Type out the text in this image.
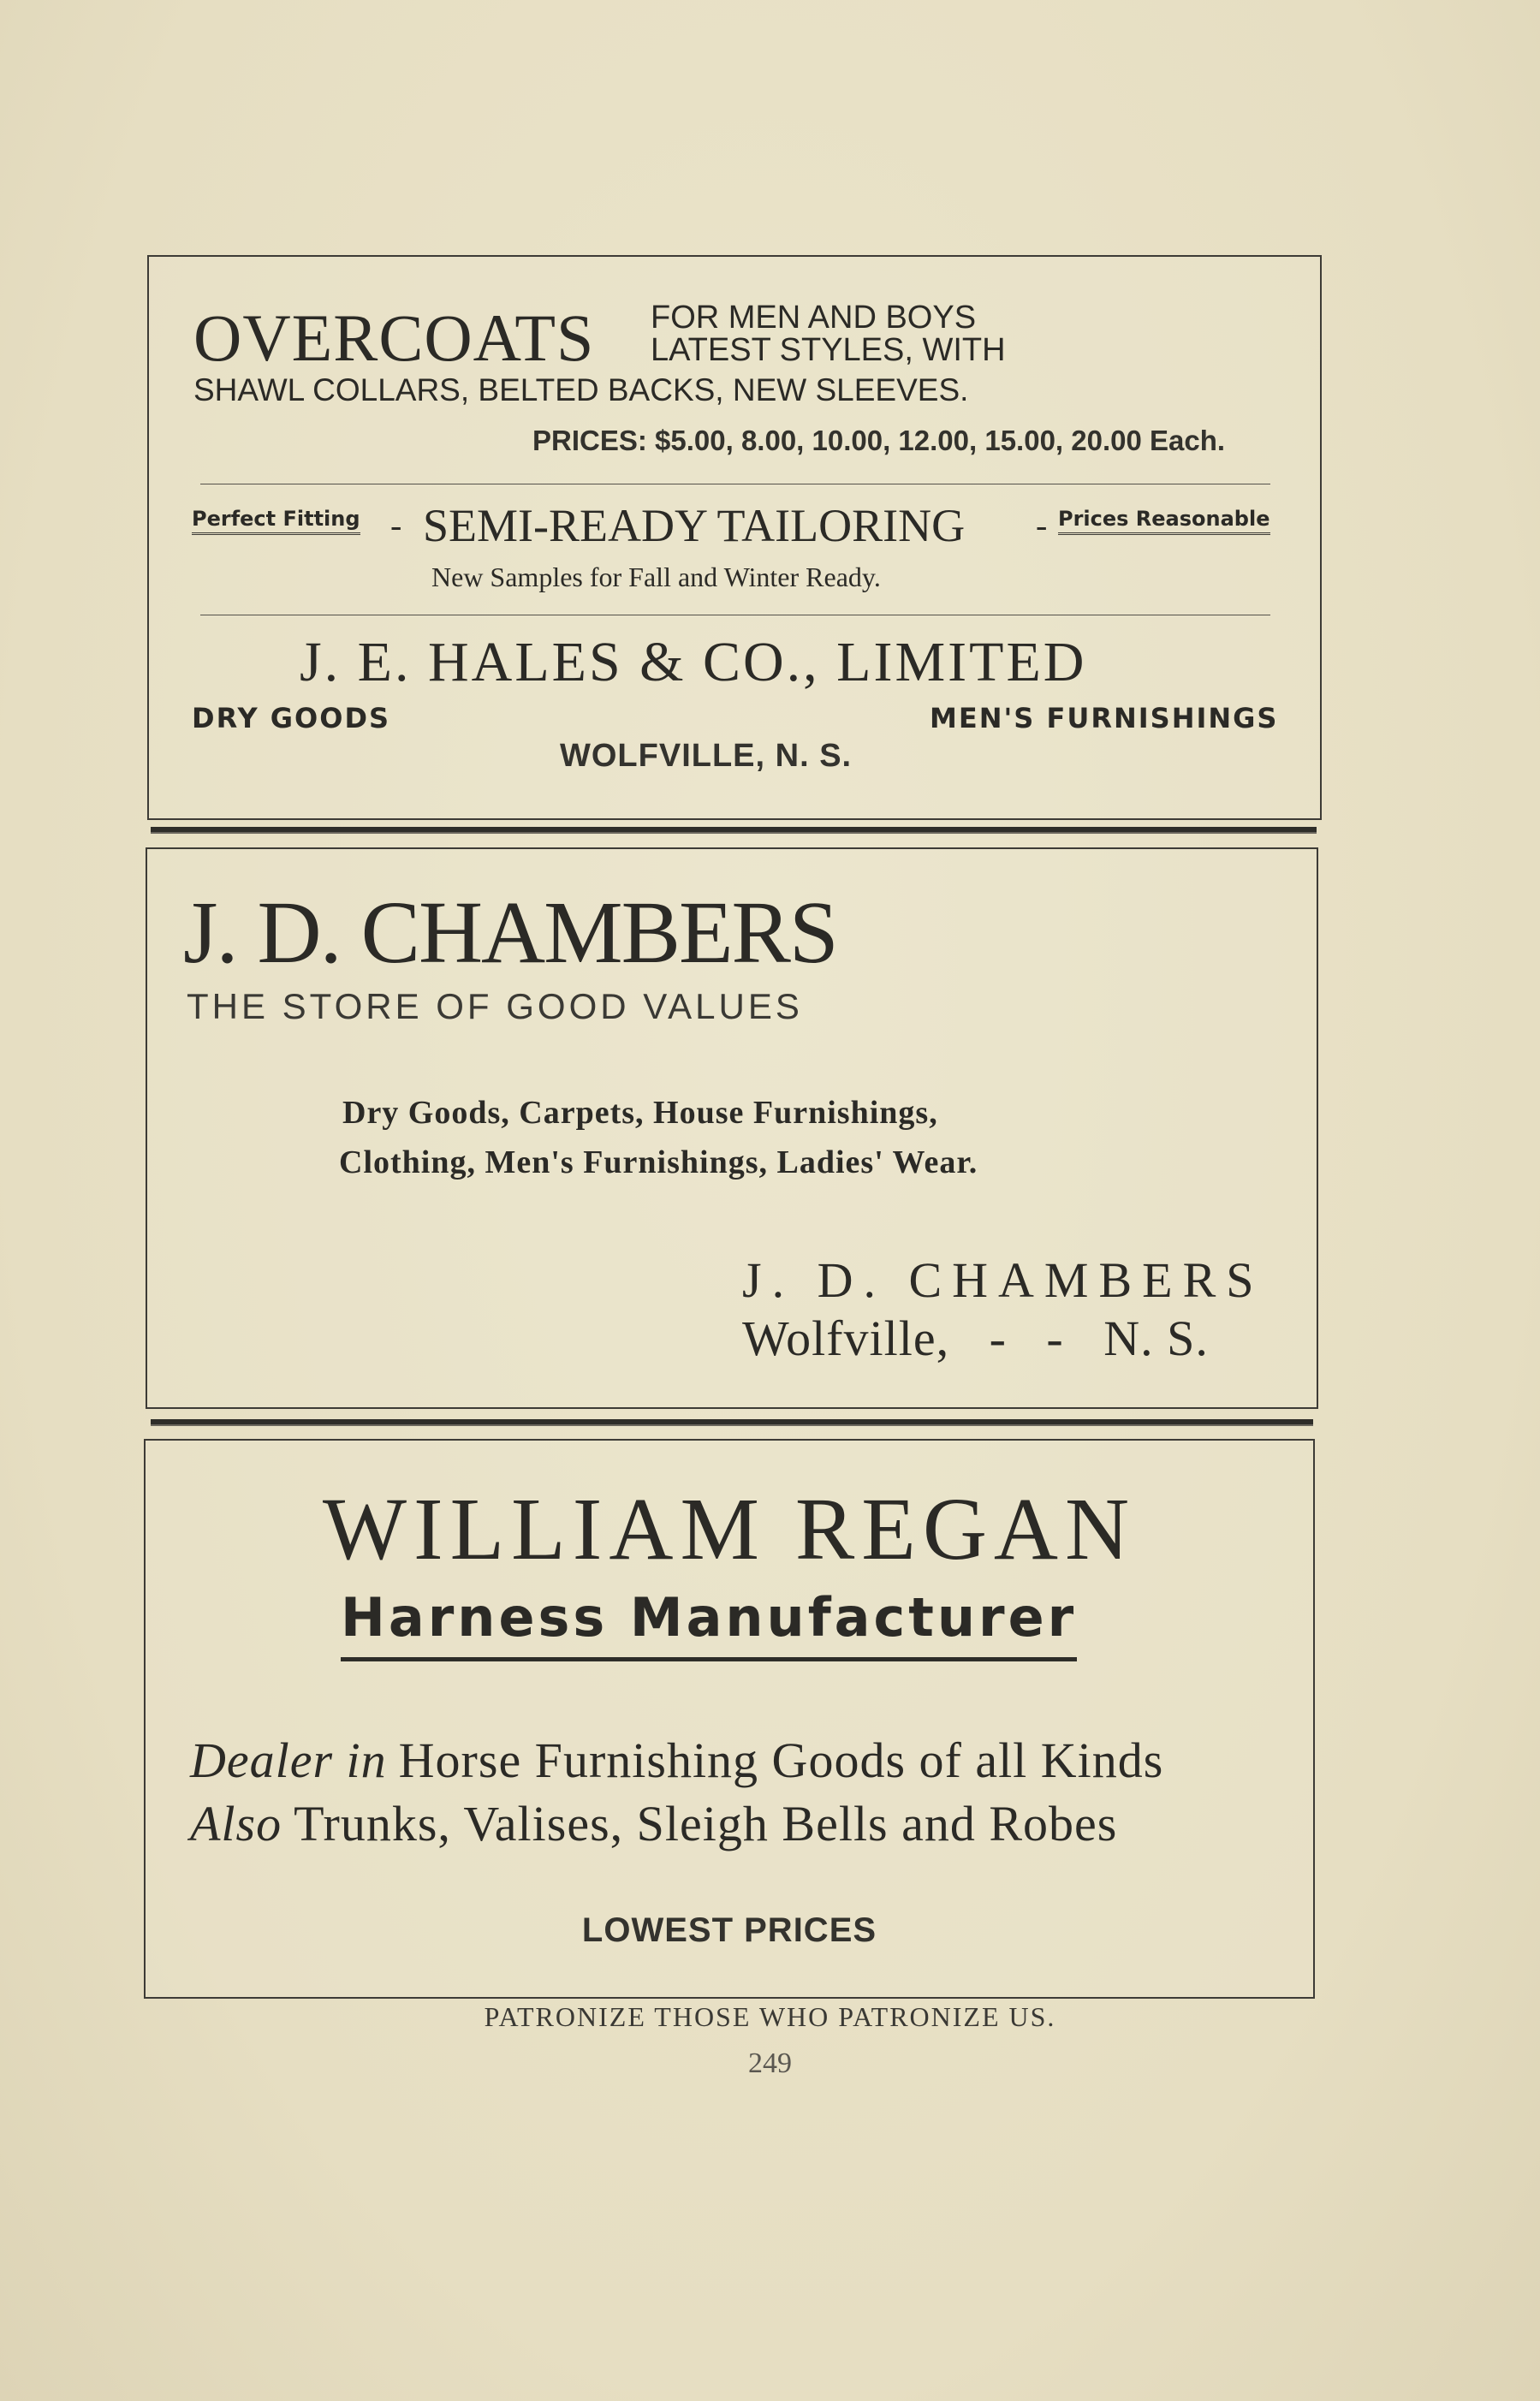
OVERCOATS FOR MEN AND BOYS
LATEST STYLES, WITH
SHAWL COLLARS, BELTED BACKS, NEW SLEEVES.
PRICES: $5.00, 8.00, 10.00, 12.00, 15.00, 20.00 Each.
Perfect Fitting - SEMI-READY TAILORING - Prices Reasonable
New Samples for Fall and Winter Ready.
J. E. HALES & CO., LIMITED
DRY GOODS	MEN'S FURNISHINGS
WOLFVILLE, N. S.
J. D. CHAMBERS
THE STORE OF GOOD VALUES
Dry Goods, Carpets, House Furnishings,
Clothing, Men's Furnishings, Ladies' Wear.
J. D. CHAMBERS
Wolfville,   -   -   N. S.
WILLIAM REGAN
Harness Manufacturer
Dealer in Horse Furnishing Goods of all Kinds
Also Trunks, Valises, Sleigh Bells and Robes
LOWEST PRICES
PATRONIZE THOSE WHO PATRONIZE US.
249
